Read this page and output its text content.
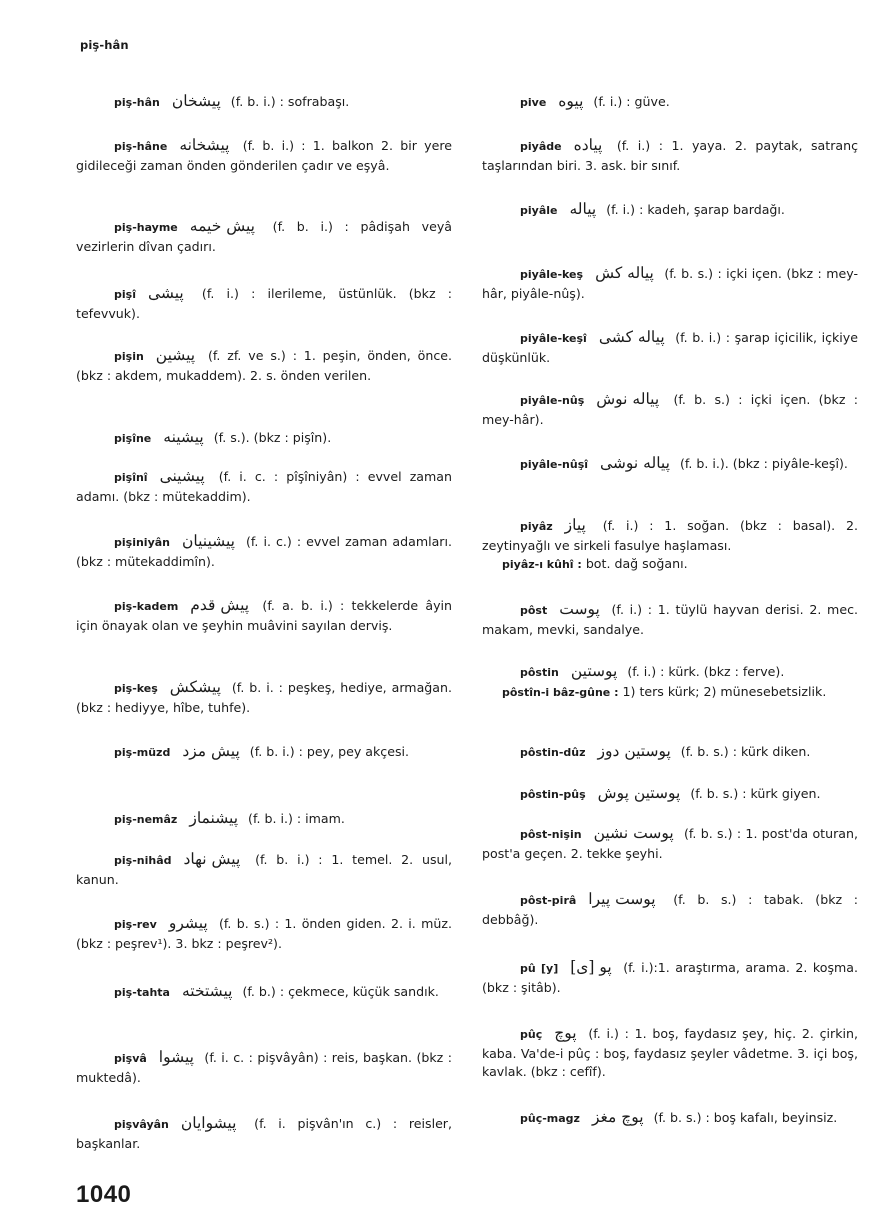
piş-hân
piş-hân پیشخان (f. b. i.) : sofrabaşı.
piş-hâne پیشخانه (f. b. i.) : 1. balkon 2. bir yere gidileceği zaman önden gönderilen çadır ve eşyâ.
piş-hayme پیش خیمه (f. b. i.) : pâdişah veyâ vezirlerin dîvan çadırı.
pişî پیشی (f. i.) : ilerileme, üstünlük. (bkz : tefevvuk).
pişin پیشین (f. zf. ve s.) : 1. peşin, önden, önce. (bkz : akdem, mukaddem). 2. s. önden verilen.
pişîne پیشینه (f. s.). (bkz : pişîn).
pişînî پیشینی (f. i. c. : pîşîniyân) : evvel zaman adamı. (bkz : mütekaddim).
pişiniyân پیشینیان (f. i. c.) : evvel zaman adamları. (bkz : mütekaddimîn).
piş-kadem پیش قدم (f. a. b. i.) : tekkelerde âyin için önayak olan ve şeyhin muâvini sayılan derviş.
piş-keş پیشکش (f. b. i. : peşkeş, hediye, armağan. (bkz : hediyye, hîbe, tuhfe).
piş-müzd پیش مزد (f. b. i.) : pey, pey akçesi.
piş-nemâz پیشنماز (f. b. i.) : imam.
piş-nihâd پیش نهاد (f. b. i.) : 1. temel. 2. usul, kanun.
piş-rev پیشرو (f. b. s.) : 1. önden giden. 2. i. müz. (bkz : peşrev¹). 3. bkz : peşrev²).
piş-tahta پیشتخته (f. b.) : çekmece, küçük sandık.
pişvâ پیشوا (f. i. c. : pişvâyân) : reis, başkan. (bkz : muktedâ).
pişvâyân پیشوایان (f. i. pişvân'ın c.) : reisler, başkanlar.
pive پیوه (f. i.) : güve.
piyâde پیاده (f. i.) : 1. yaya. 2. paytak, satranç taşlarından biri. 3. ask. bir sınıf.
piyâle پیاله (f. i.) : kadeh, şarap bardağı.
piyâle-keş پیاله کش (f. b. s.) : içki içen. (bkz : mey-hâr, piyâle-nûş).
piyâle-keşî پیاله کشی (f. b. i.) : şarap içicilik, içkiye düşkünlük.
piyâle-nûş پیاله نوش (f. b. s.) : içki içen. (bkz : mey-hâr).
piyâle-nûşî پیاله نوشی (f. b. i.). (bkz : piyâle-keşî).
piyâz پیاز (f. i.) : 1. soğan. (bkz : basal). 2. zeytinyağlı ve sirkeli fasulye haşlaması.
piyâz-ı kûhî : bot. dağ soğanı.
pôst پوست (f. i.) : 1. tüylü hayvan derisi. 2. mec. makam, mevki, sandalye.
pôstin پوستین (f. i.) : kürk. (bkz : ferve).
pôstîn-i bâz-gûne : 1) ters kürk; 2) münesebetsizlik.
pôstin-dûz پوستین دوز (f. b. s.) : kürk diken.
pôstin-pûş پوستین پوش (f. b. s.) : kürk giyen.
pôst-nişin پوست نشین (f. b. s.) : 1. post'da oturan, post'a geçen. 2. tekke şeyhi.
pôst-pirâ پوست پیرا (f. b. s.) : tabak. (bkz : debbâğ).
pû [y] پو [ی] (f. i.):1. araştırma, arama. 2. koşma. (bkz : şitâb).
pûç پوچ (f. i.) : 1. boş, faydasız şey, hiç. 2. çirkin, kaba. Va'de-i pûç : boş, faydasız şeyler vâdetme. 3. içi boş, kavlak. (bkz : cefîf).
pûç-magz پوچ مغز (f. b. s.) : boş kafalı, beyinsiz.
1040
